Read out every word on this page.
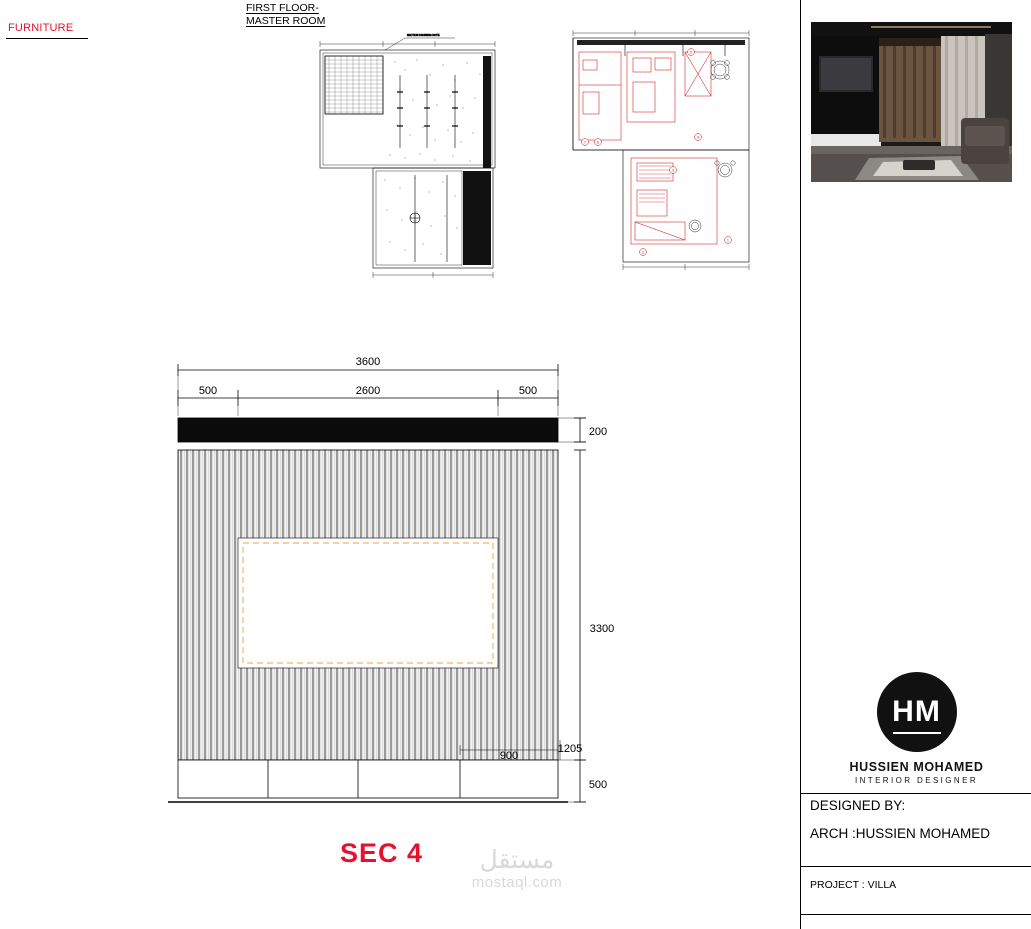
FURNITURE
FIRST FLOOR-
MASTER ROOM
SECTION DRAWING NOTE
7	6
5
4
1
2
3
3600
500	2600	500
200
3300
500
1205
900
SEC 4	مستقل
mostaql.com
HM
HUSSIEN MOHAMED
INTERIOR DESIGNER
DESIGNED BY:
ARCH :HUSSIEN MOHAMED
PROJECT : VILLA
